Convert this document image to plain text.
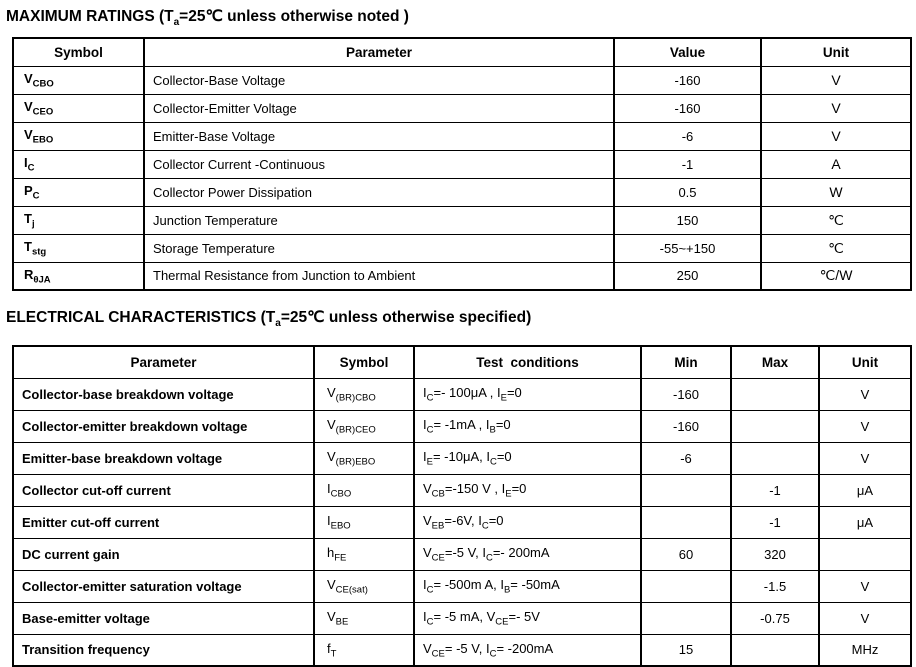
MAXIMUM RATINGS ($T_a=25℃$ unless otherwise noted )
Symbol	Parameter	Value	Unit
$V_{CBO}$	Collector-Base Voltage	-160	V
$V_{CEO}$	Collector-Emitter Voltage	-160	V
$V_{EBO}$	Emitter-Base Voltage	-6	V
$I_C$	Collector Current -Continuous	-1	A
$P_C$	Collector Power Dissipation	0.5	W
$T_j$	Junction Temperature	150	℃
$T_{stg}$	Storage Temperature	-55~+150	℃
$R_{\theta JA}$	Thermal Resistance from Junction to Ambient	250	℃/W
ELECTRICAL CHARACTERISTICS ($T_a=25℃$ unless otherwise specified)
Parameter	Symbol	Test  conditions	Min	Max	Unit
Collector-base breakdown voltage	$V_{(BR)CBO}$	$I_C=-$ 100μA , $I_E=0$	-160		V
Collector-emitter breakdown voltage	$V_{(BR)CEO}$	$I_C= -1mA$ , $I_B=0$	-160		V
Emitter-base breakdown voltage	$V_{(BR)EBO}$	$I_E= -10\mu A$, $I_C=0$	-6		V
Collector cut-off current	$I_{CBO}$	$V_{CB}=-150$ V , $I_E=0$		-1	μA
Emitter cut-off current	$I_{EBO}$	$V_{EB}=-6V$, $I_C=0$		-1	μA
DC current gain	$h_{FE}$	$V_{CE}=-5$ V, $I_C=-$ 200mA	60	320	
Collector-emitter saturation voltage	$V_{CE(sat)}$	$I_C= -500m$ A, $I_B= -50mA$		-1.5	V
Base-emitter voltage	$V_{BE}$	$I_C= -5$ mA, $V_{CE}=-$ 5V		-0.75	V
Transition frequency	$f_T$	$V_{CE}= -5$ V, $I_C= -200mA$	15		MHz
